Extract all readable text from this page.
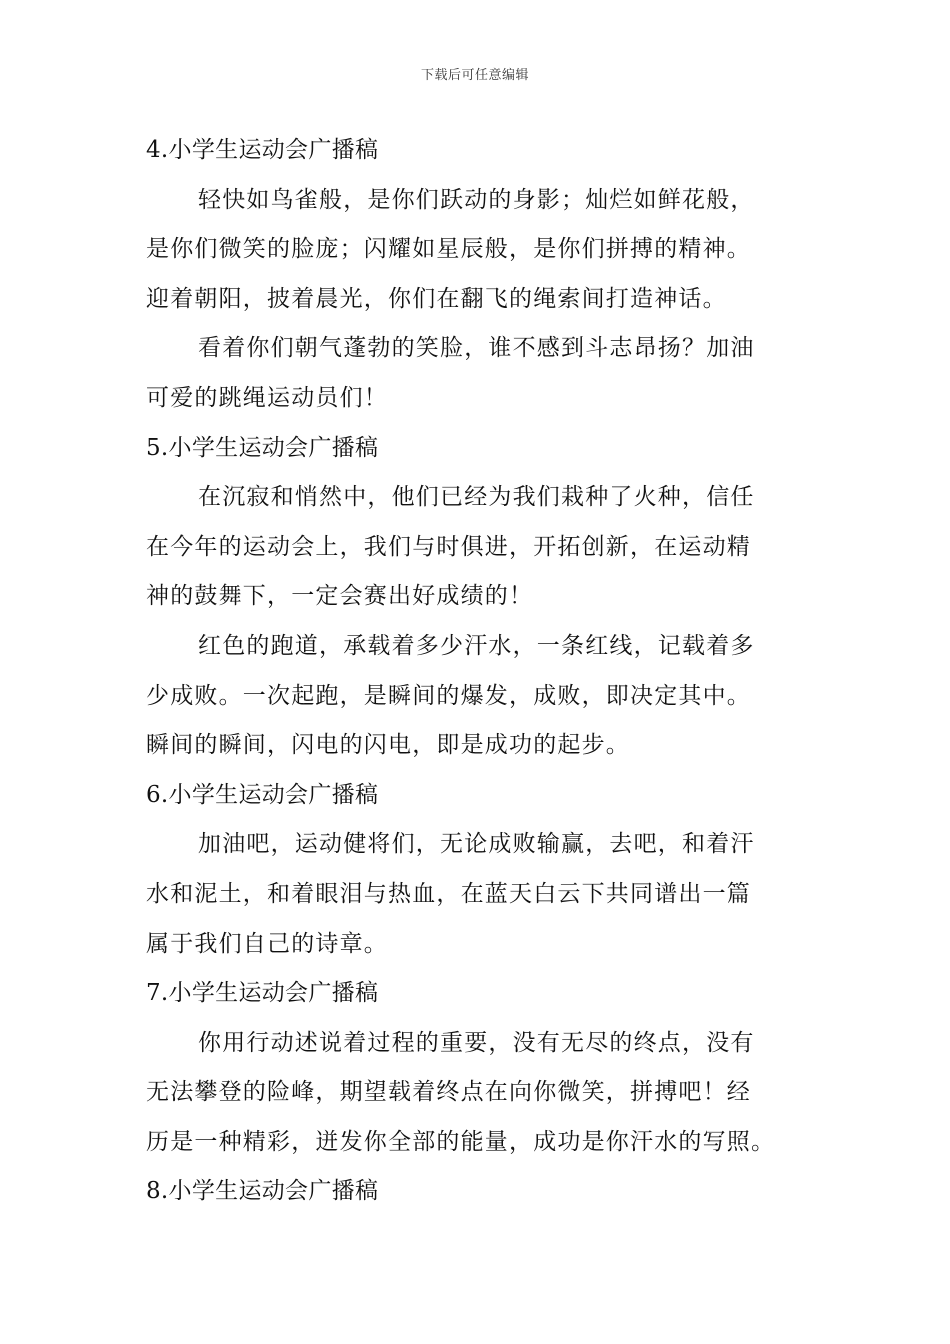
下载后可任意编辑
4.小学生运动会广播稿
轻快如鸟雀般，是你们跃动的身影；灿烂如鲜花般，
是你们微笑的脸庞；闪耀如星辰般，是你们拼搏的精神。
迎着朝阳，披着晨光，你们在翻飞的绳索间打造神话。
看着你们朝气蓬勃的笑脸，谁不感到斗志昂扬？加油
可爱的跳绳运动员们！
5.小学生运动会广播稿
在沉寂和悄然中，他们已经为我们栽种了火种，信任
在今年的运动会上，我们与时俱进，开拓创新，在运动精
神的鼓舞下，一定会赛出好成绩的！
红色的跑道，承载着多少汗水，一条红线，记载着多
少成败。一次起跑，是瞬间的爆发，成败，即决定其中。
瞬间的瞬间，闪电的闪电，即是成功的起步。
6.小学生运动会广播稿
加油吧，运动健将们，无论成败输赢，去吧，和着汗
水和泥土，和着眼泪与热血，在蓝天白云下共同谱出一篇
属于我们自己的诗章。
7.小学生运动会广播稿
你用行动述说着过程的重要，没有无尽的终点，没有
无法攀登的险峰，期望载着终点在向你微笑，拼搏吧！经
历是一种精彩，迸发你全部的能量，成功是你汗水的写照。
8.小学生运动会广播稿
